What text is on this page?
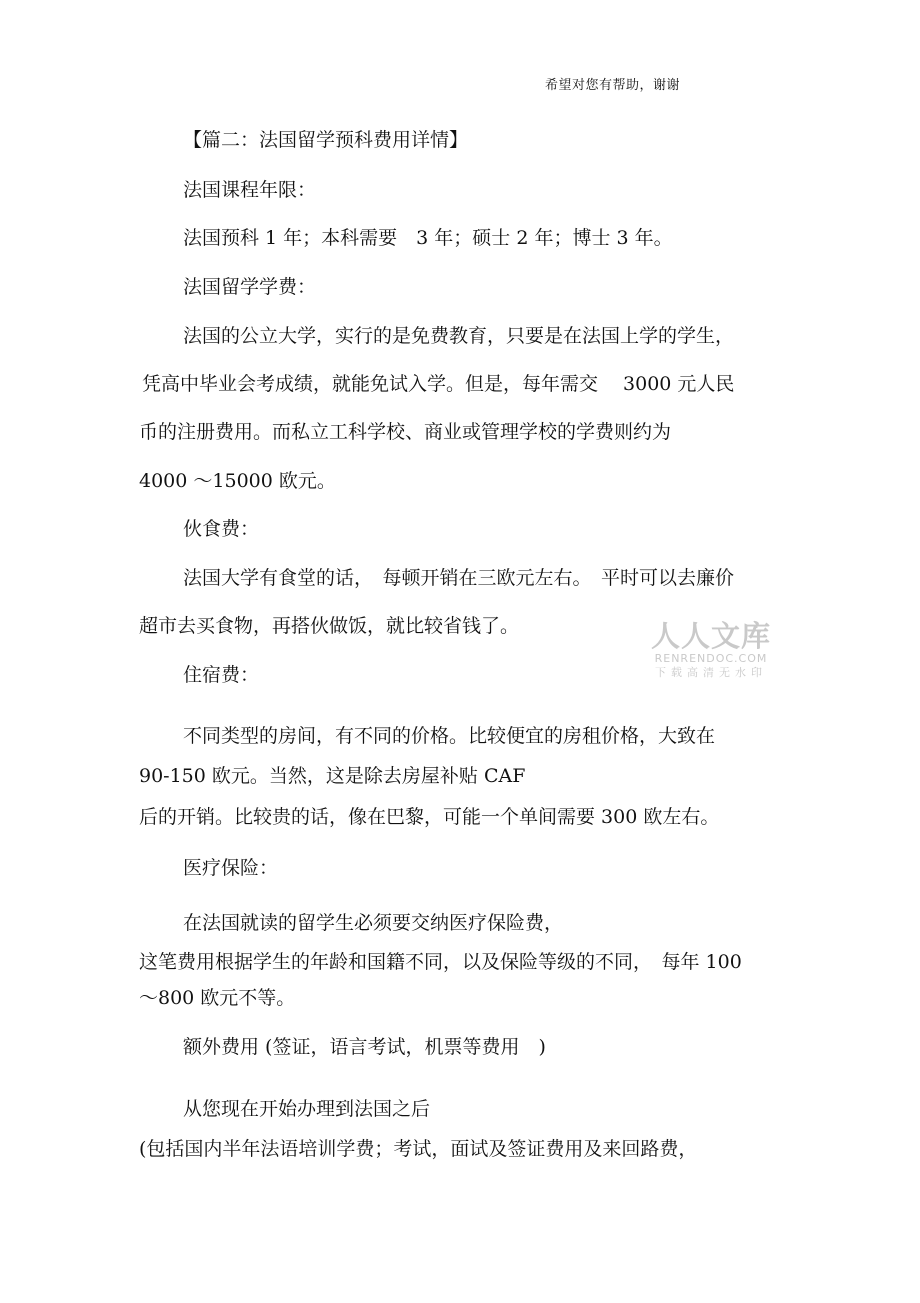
希望对您有帮助，谢谢
【篇二：法国留学预科费用详情】
法国课程年限：
法国预科 1 年；本科需要　3 年；硕士 2 年；博士 3 年。
法国留学学费：
法国的公立大学，实行的是免费教育，只要是在法国上学的学生，
凭高中毕业会考成绩，就能免试入学。但是，每年需交　 3000 元人民
币的注册费用。而私立工科学校、商业或管理学校的学费则约为
4000 ～15000 欧元。
伙食费：
法国大学有食堂的话，　每顿开销在三欧元左右。　平时可以去廉价
超市去买食物，再搭伙做饭，就比较省钱了。
住宿费：
不同类型的房间，有不同的价格。比较便宜的房租价格，大致在
90-150 欧元。当然，这是除去房屋补贴 CAF
后的开销。比较贵的话，像在巴黎，可能一个单间需要 300 欧左右。
医疗保险：
在法国就读的留学生必须要交纳医疗保险费，
这笔费用根据学生的年龄和国籍不同，以及保险等级的不同，　每年 100
～800 欧元不等。
额外费用 (签证，语言考试，机票等费用　)
从您现在开始办理到法国之后
(包括国内半年法语培训学费；考试，面试及签证费用及来回路费，
人人文库
RENRENDOC.COM
下载高清无水印
